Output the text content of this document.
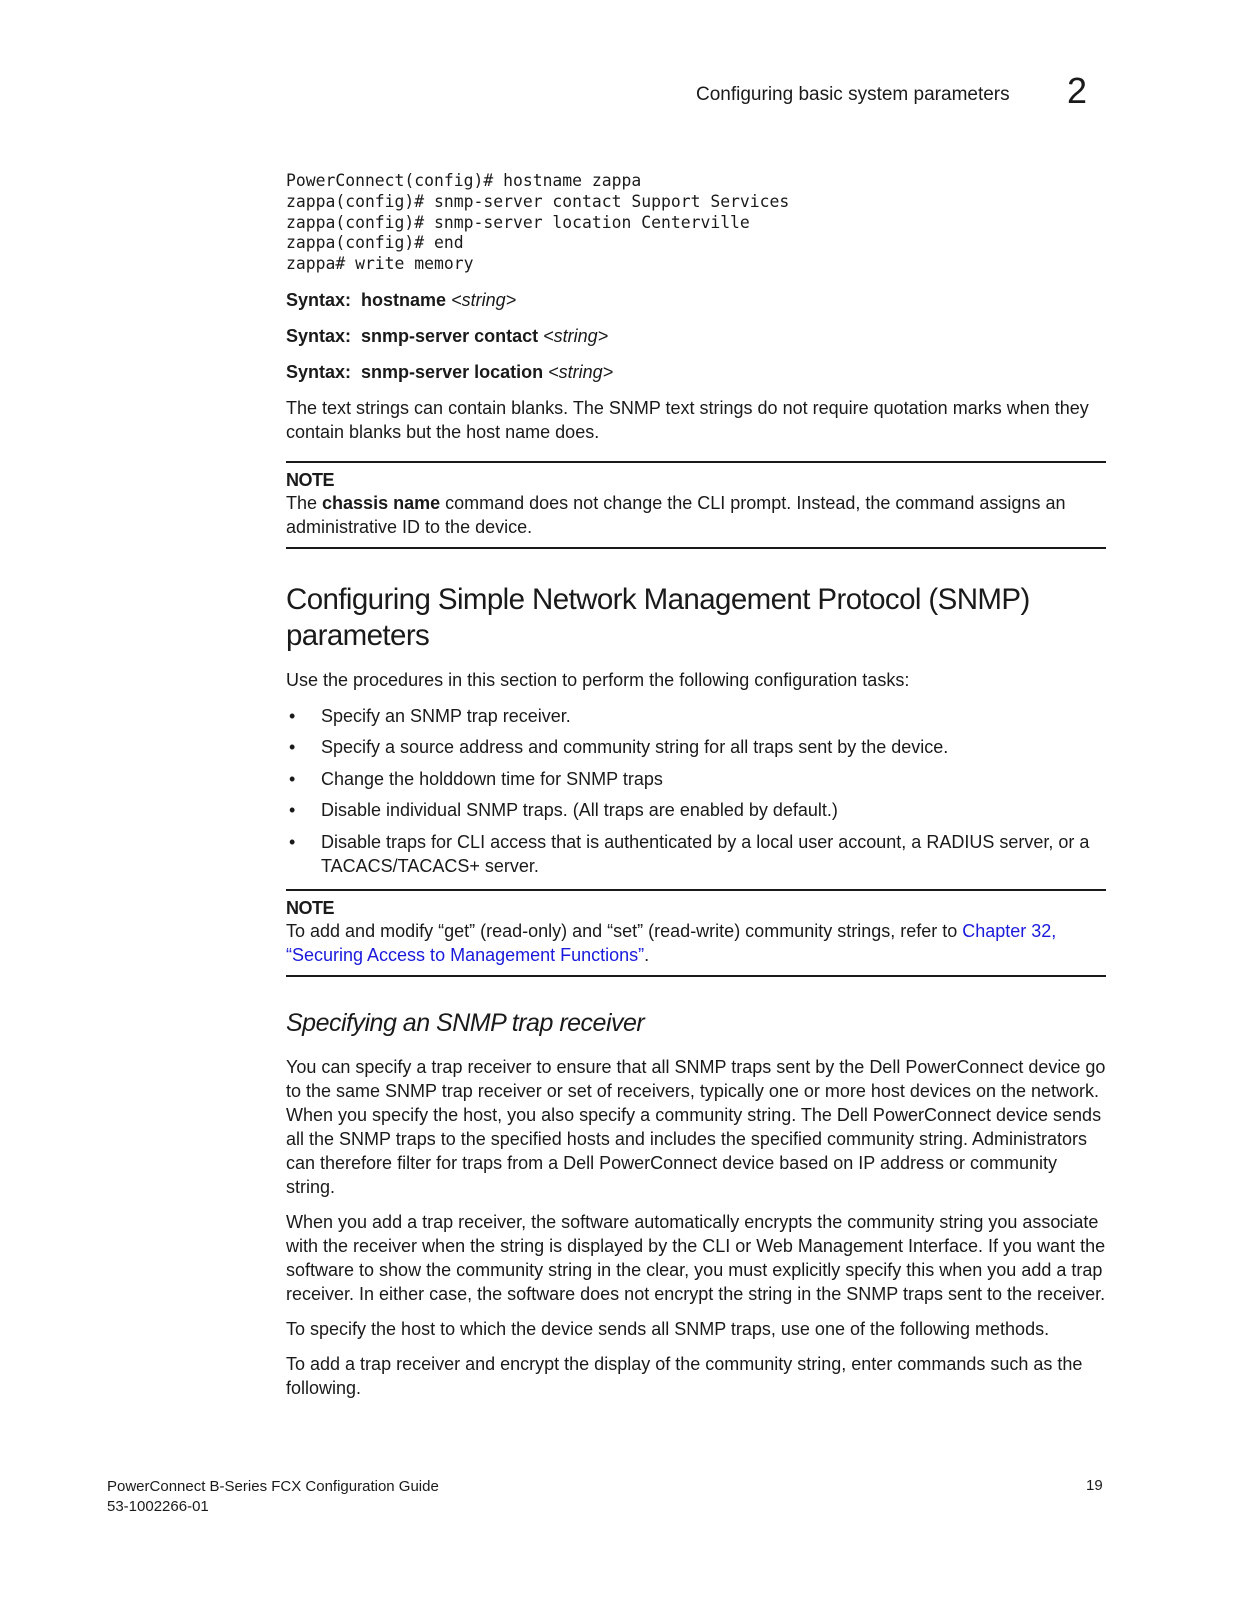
Configuring basic system parameters 2
PowerConnect(config)# hostname zappa
zappa(config)# snmp-server contact Support Services
zappa(config)# snmp-server location Centerville
zappa(config)# end
zappa# write memory
Syntax: hostname <string>
Syntax: snmp-server contact <string>
Syntax: snmp-server location <string>

The text strings can contain blanks. The SNMP text strings do not require quotation marks when they contain blanks but the host name does.

NOTE

The chassis name command does not change the CLI prompt. Instead, the command assigns an administrative ID to the device.

Configuring Simple Network Management Protocol (SNMP) parameters

Use the procedures in this section to perform the following configuration tasks:

• Specify an SNMP trap receiver.
• Specify a source address and community string for all traps sent by the device.
• Change the holddown time for SNMP traps
• Disable individual SNMP traps. (All traps are enabled by default.)
• Disable traps for CLI access that is authenticated by a local user account, a RADIUS server, or a TACACS/TACACS+ server.
NOTE

To add and modify “get” (read-only) and “set” (read-write) community strings, refer to Chapter 32, “Securing Access to Management Functions”.

Specifying an SNMP trap receiver

You can specify a trap receiver to ensure that all SNMP traps sent by the Dell PowerConnect device go to the same SNMP trap receiver or set of receivers, typically one or more host devices on the network. When you specify the host, you also specify a community string. The Dell PowerConnect device sends all the SNMP traps to the specified hosts and includes the specified community string. Administrators can therefore filter for traps from a Dell PowerConnect device based on IP address or community string.

When you add a trap receiver, the software automatically encrypts the community string you associate with the receiver when the string is displayed by the CLI or Web Management Interface. If you want the software to show the community string in the clear, you must explicitly specify this when you add a trap receiver. In either case, the software does not encrypt the string in the SNMP traps sent to the receiver.

To specify the host to which the device sends all SNMP traps, use one of the following methods.

To add a trap receiver and encrypt the display of the community string, enter commands such as the following.

PowerConnect B-Series FCX Configuration Guide
53-1002266-01
19
